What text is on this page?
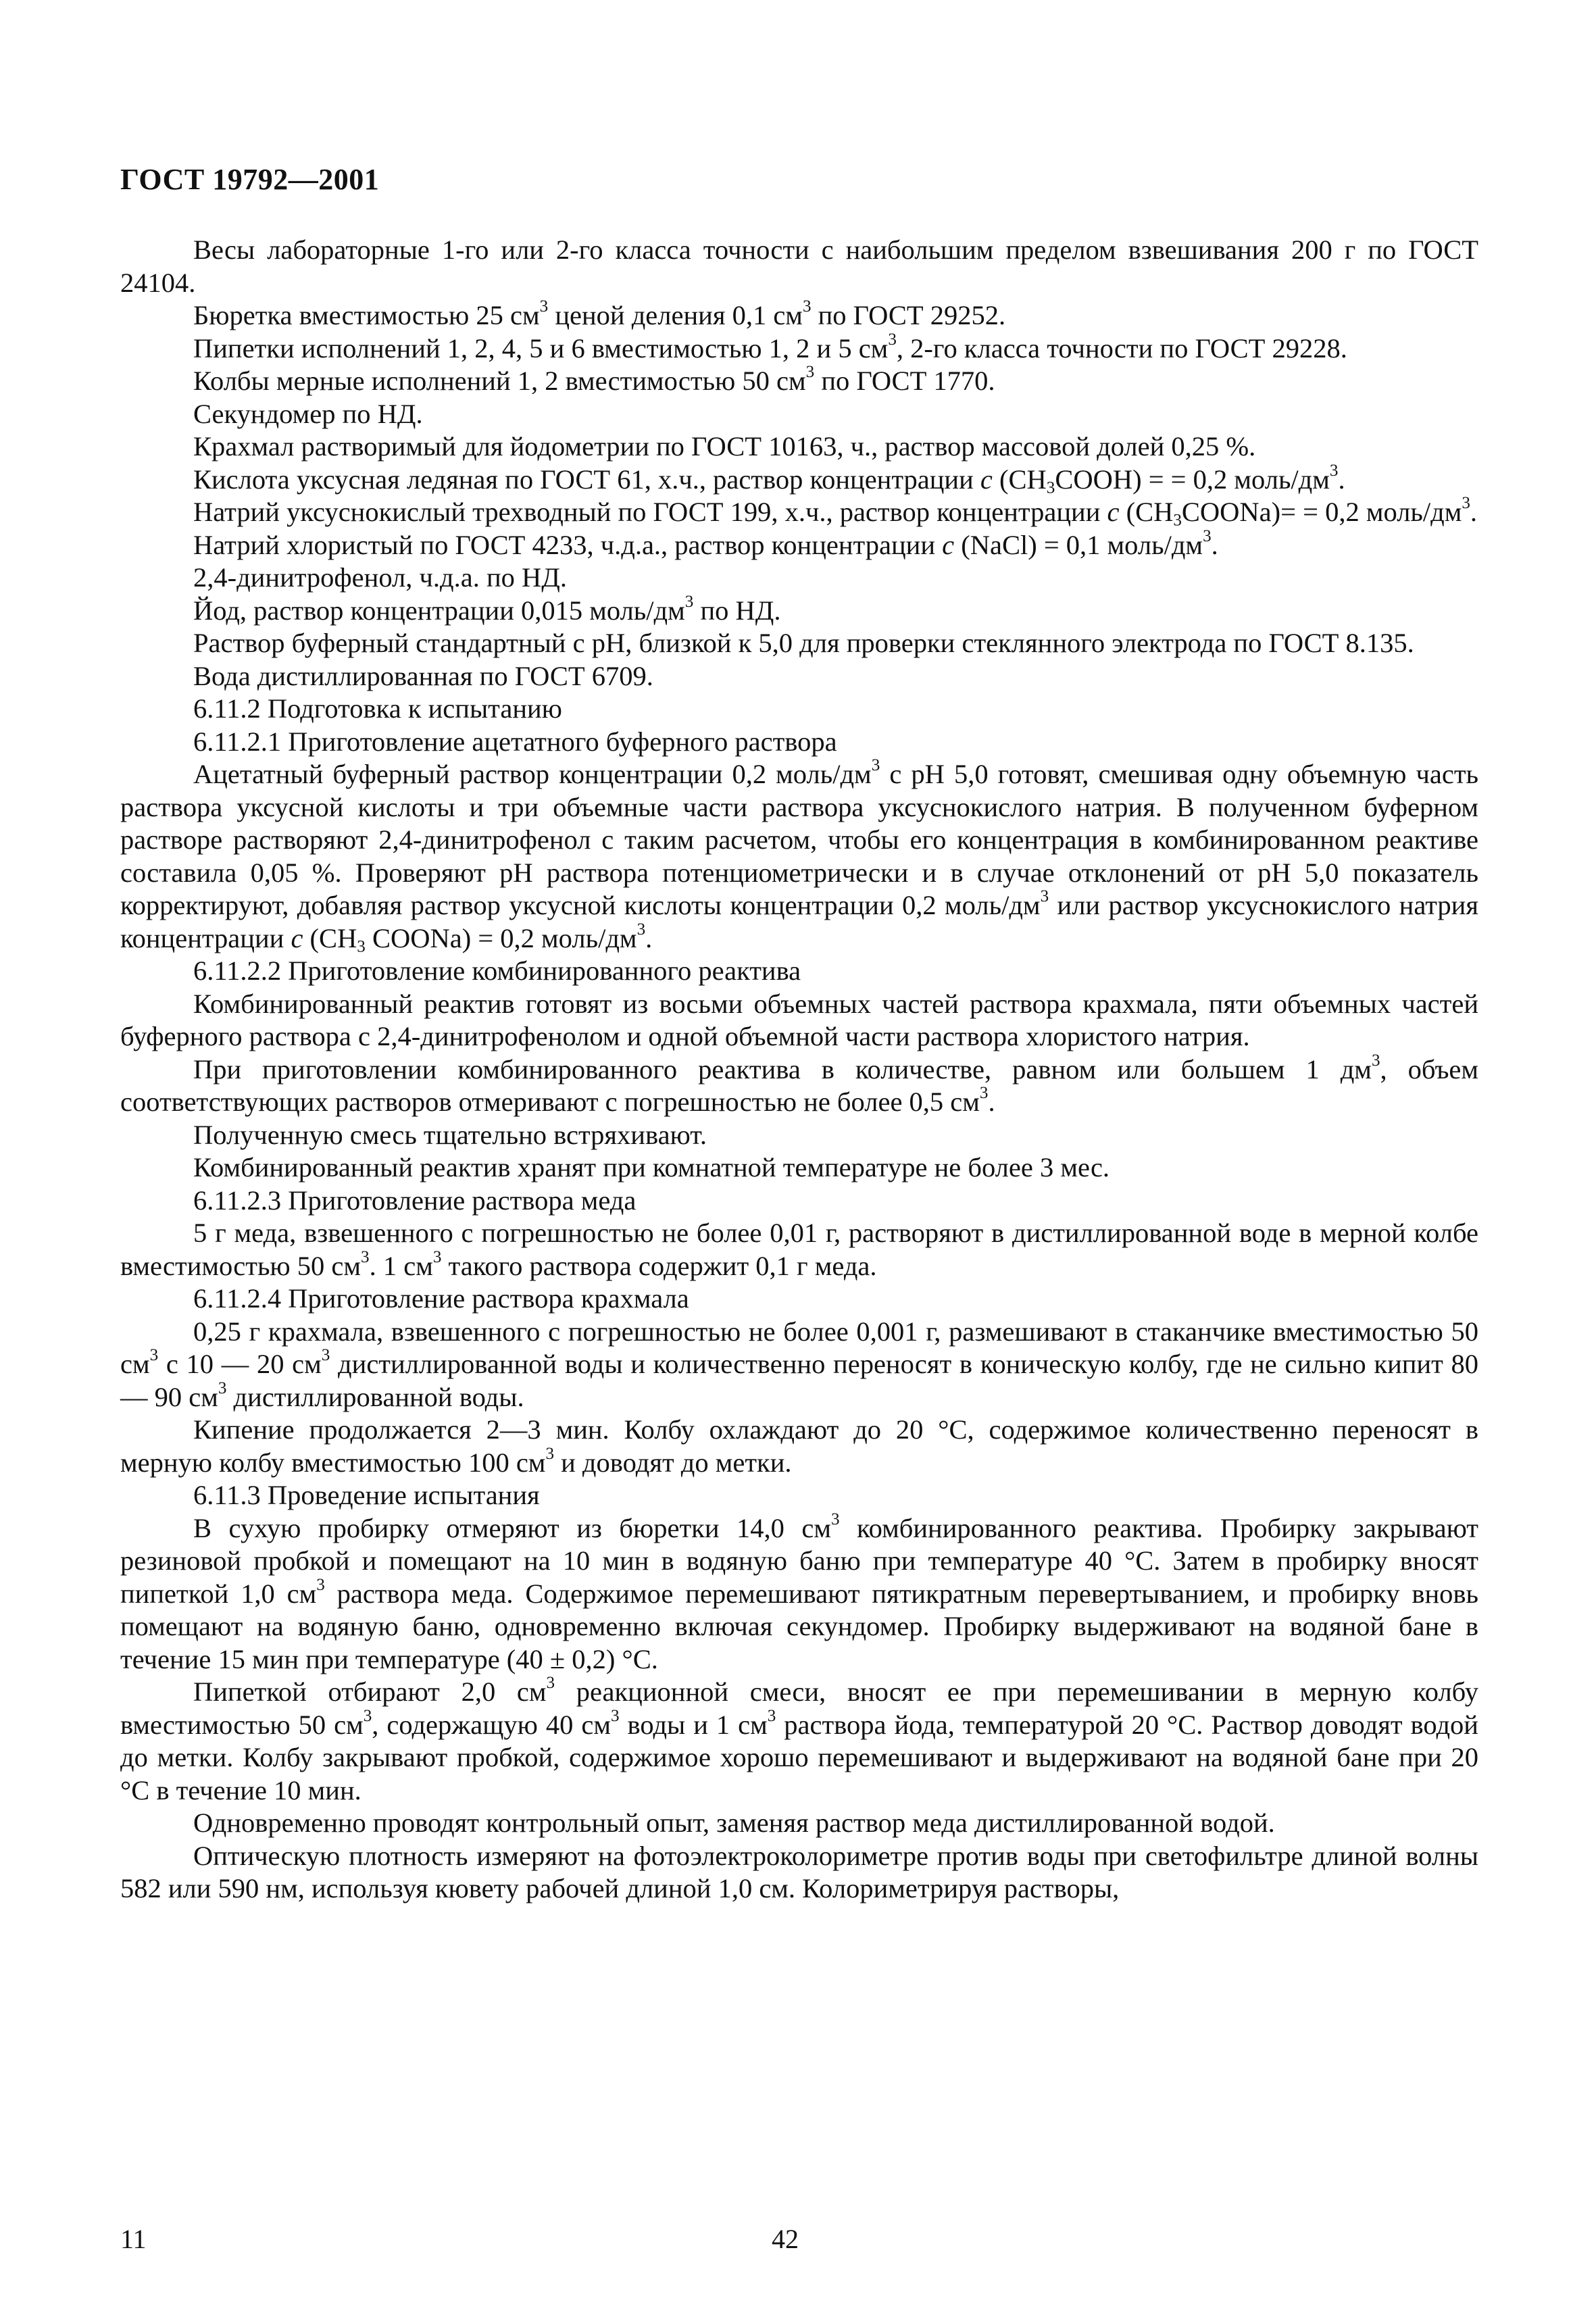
ГОСТ 19792—2001

Весы лабораторные 1-го или 2-го класса точности с наибольшим пределом взвешивания 200 г по ГОСТ 24104.

Бюретка вместимостью 25 $см^3$ ценой деления 0,1 $см^3$ по ГОСТ 29252.

Пипетки исполнений 1, 2, 4, 5 и 6 вместимостью 1, 2 и 5 $см^3$, 2-го класса точности по ГОСТ 29228.

Колбы мерные исполнений 1, 2 вместимостью 50 $см^3$ по ГОСТ 1770.

Секундомер по НД.

Крахмал растворимый для йодометрии по ГОСТ 10163, ч., раствор массовой долей 0,25 %.

Кислота уксусная ледяная по ГОСТ 61, х.ч., раствор концентрации c $(CH_3COOH)$ = = 0,2 моль/$дм^3$.

Натрий уксуснокислый трехводный по ГОСТ 199, х.ч., раствор концентрации c $(CH_3COONa)= = 0,2$ моль/$дм^3$.

Натрий хлористый по ГОСТ 4233, ч.д.а., раствор концентрации c (NaCl) = 0,1 моль/$дм^3$.

2,4-динитрофенол, ч.д.а. по НД.

Йод, раствор концентрации 0,015 моль/$дм^3$ по НД.

Раствор буферный стандартный с рН, близкой к 5,0 для проверки стеклянного электрода по ГОСТ 8.135.

Вода дистиллированная по ГОСТ 6709.

6.11.2 Подготовка к испытанию

6.11.2.1 Приготовление ацетатного буферного раствора

Ацетатный буферный раствор концентрации 0,2 моль/$дм^3$ с рН 5,0 готовят, смешивая одну объемную часть раствора уксусной кислоты и три объемные части раствора уксуснокислого натрия. В полученном буферном растворе растворяют 2,4-динитрофенол с таким расчетом, чтобы его концентрация в комбинированном реактиве составила 0,05 %. Проверяют рН раствора потенциометрически и в случае отклонений от рН 5,0 показатель корректируют, добавляя раствор уксусной кислоты концентрации 0,2 моль/$дм^3$ или раствор уксуснокислого натрия концентрации c ($CH_3$ COONa) = 0,2 моль/$дм^3$.

6.11.2.2 Приготовление комбинированного реактива

Комбинированный реактив готовят из восьми объемных частей раствора крахмала, пяти объемных частей буферного раствора с 2,4-динитрофенолом и одной объемной части раствора хлористого натрия.

При приготовлении комбинированного реактива в количестве, равном или большем 1 $дм^3$, объем соответствующих растворов отмеривают с погрешностью не более 0,5 $см^3$.

Полученную смесь тщательно встряхивают.

Комбинированный реактив хранят при комнатной температуре не более 3 мес.

6.11.2.3 Приготовление раствора меда

5 г меда, взвешенного с погрешностью не более 0,01 г, растворяют в дистиллированной воде в мерной колбе вместимостью 50 $см^3$. 1 $см^3$ такого раствора содержит 0,1 г меда.

6.11.2.4 Приготовление раствора крахмала

0,25 г крахмала, взвешенного с погрешностью не более 0,001 г, размешивают в стаканчике вместимостью 50 $см^3$ с 10 — 20 $см^3$ дистиллированной воды и количественно переносят в коническую колбу, где не сильно кипит 80 — 90 $см^3$ дистиллированной воды.

Кипение продолжается 2—3 мин. Колбу охлаждают до 20 °С, содержимое количественно переносят в мерную колбу вместимостью 100 $см^3$ и доводят до метки.

6.11.3 Проведение испытания

В сухую пробирку отмеряют из бюретки 14,0 $см^3$ комбинированного реактива. Пробирку закрывают резиновой пробкой и помещают на 10 мин в водяную баню при температуре 40 °С. Затем в пробирку вносят пипеткой 1,0 $см^3$ раствора меда. Содержимое перемешивают пятикратным перевертыванием, и пробирку вновь помещают на водяную баню, одновременно включая секундомер. Пробирку выдерживают на водяной бане в течение 15 мин при температуре (40 ± 0,2) °С.

Пипеткой отбирают 2,0 $см^3$ реакционной смеси, вносят ее при перемешивании в мерную колбу вместимостью 50 $см^3$, содержащую 40 $см^3$ воды и 1 $см^3$ раствора йода, температурой 20 °С. Раствор доводят водой до метки. Колбу закрывают пробкой, содержимое хорошо перемешивают и выдерживают на водяной бане при 20 °С в течение 10 мин.

Одновременно проводят контрольный опыт, заменяя раствор меда дистиллированной водой.

Оптическую плотность измеряют на фотоэлектроколориметре против воды при светофильтре длиной волны 582 или 590 нм, используя кювету рабочей длиной 1,0 см. Колориметрируя растворы,

11	42
